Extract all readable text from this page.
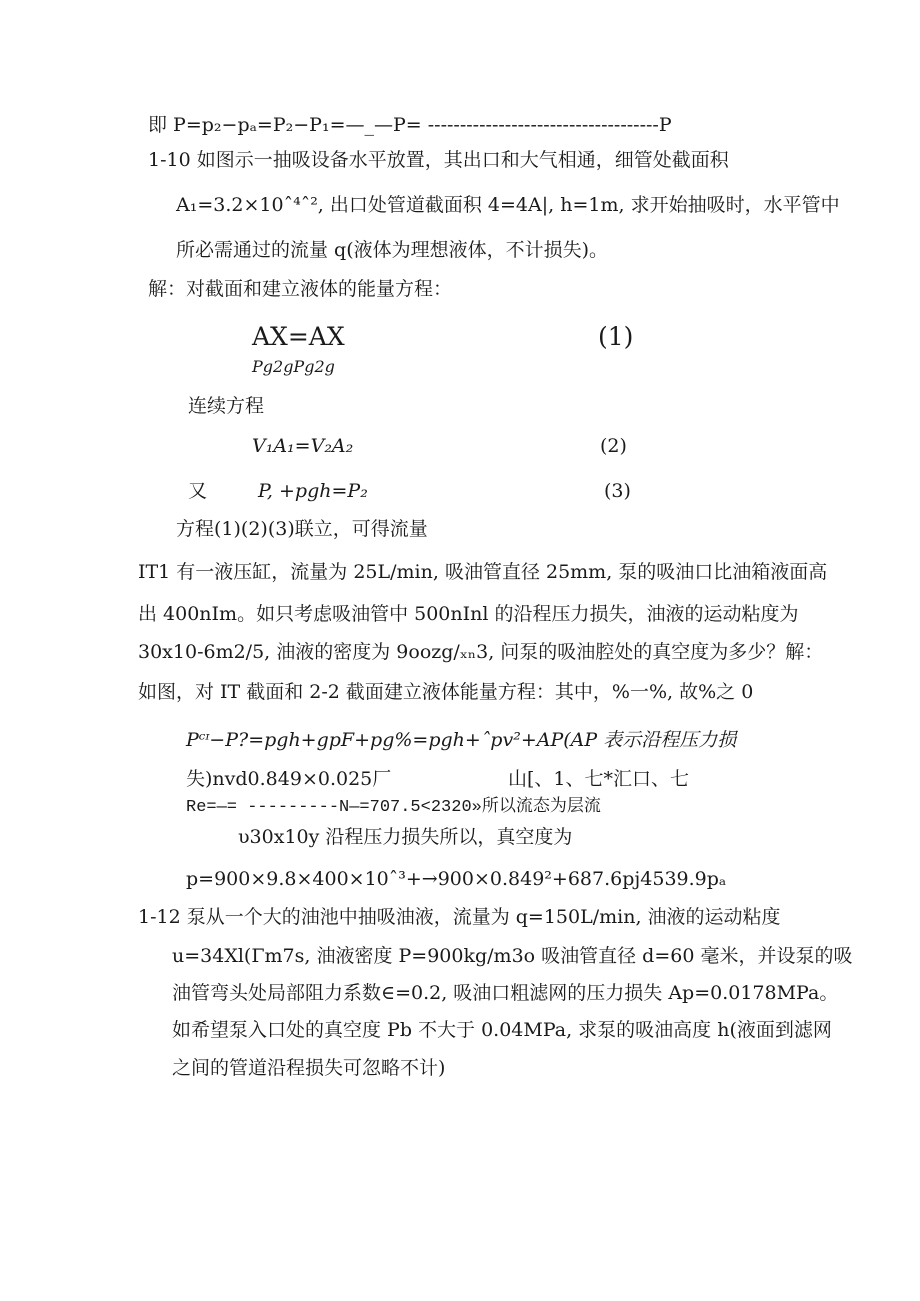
即 P=p₂−pₐ=P₂−P₁=—_—P= ------------------------------------P
1-10 如图示一抽吸设备水平放置，其出口和大气相通，细管处截面积
A₁=3.2×10ˆ⁴ˆ², 出口处管道截面积 4=4A|, h=1m, 求开始抽吸时，水平管中
所必需通过的流量 q(液体为理想液体，不计损失)。
解：对截面和建立液体的能量方程：
AX=AX	(1)
Pg2gPg2g
连续方程
V₁A₁=V₂A₂	(2)
又	P, +pgh=P₂	(3)
方程(1)(2)(3)联立，可得流量
IT1 有一液压缸，流量为 25L/min, 吸油管直径 25mm, 泵的吸油口比油箱液面高
出 400nIm。如只考虑吸油管中 500nInl 的沿程压力损失，油液的运动粘度为
30x10-6m2/5, 油液的密度为 9oozg/ₓₙ3, 问泵的吸油腔处的真空度为多少？解：
如图，对 IT 截面和 2-2 截面建立液体能量方程：其中，%一%, 故%之 0
Pᶜᶦ−P?=pgh+gpF+pg%=pgh+ˆpv²+AP(AP 表示沿程压力损
失)nvd0.849×0.025厂	山[、1、七*汇口、七
Re=—= ---------N—=707.5<2320»所以流态为层流
υ30x10y 沿程压力损失所以，真空度为
p=900×9.8×400×10ˆ³+→900×0.849²+687.6pj4539.9pₐ
1-12 泵从一个大的油池中抽吸油液，流量为 q=150L/min, 油液的运动粘度
u=34Xl(Γm7s, 油液密度 P=900kg/m3o 吸油管直径 d=60 毫米，并设泵的吸
油管弯头处局部阻力系数∈=0.2, 吸油口粗滤网的压力损失 Ap=0.0178MPa。
如希望泵入口处的真空度 Pb 不大于 0.04MPa, 求泵的吸油高度 h(液面到滤网
之间的管道沿程损失可忽略不计)
